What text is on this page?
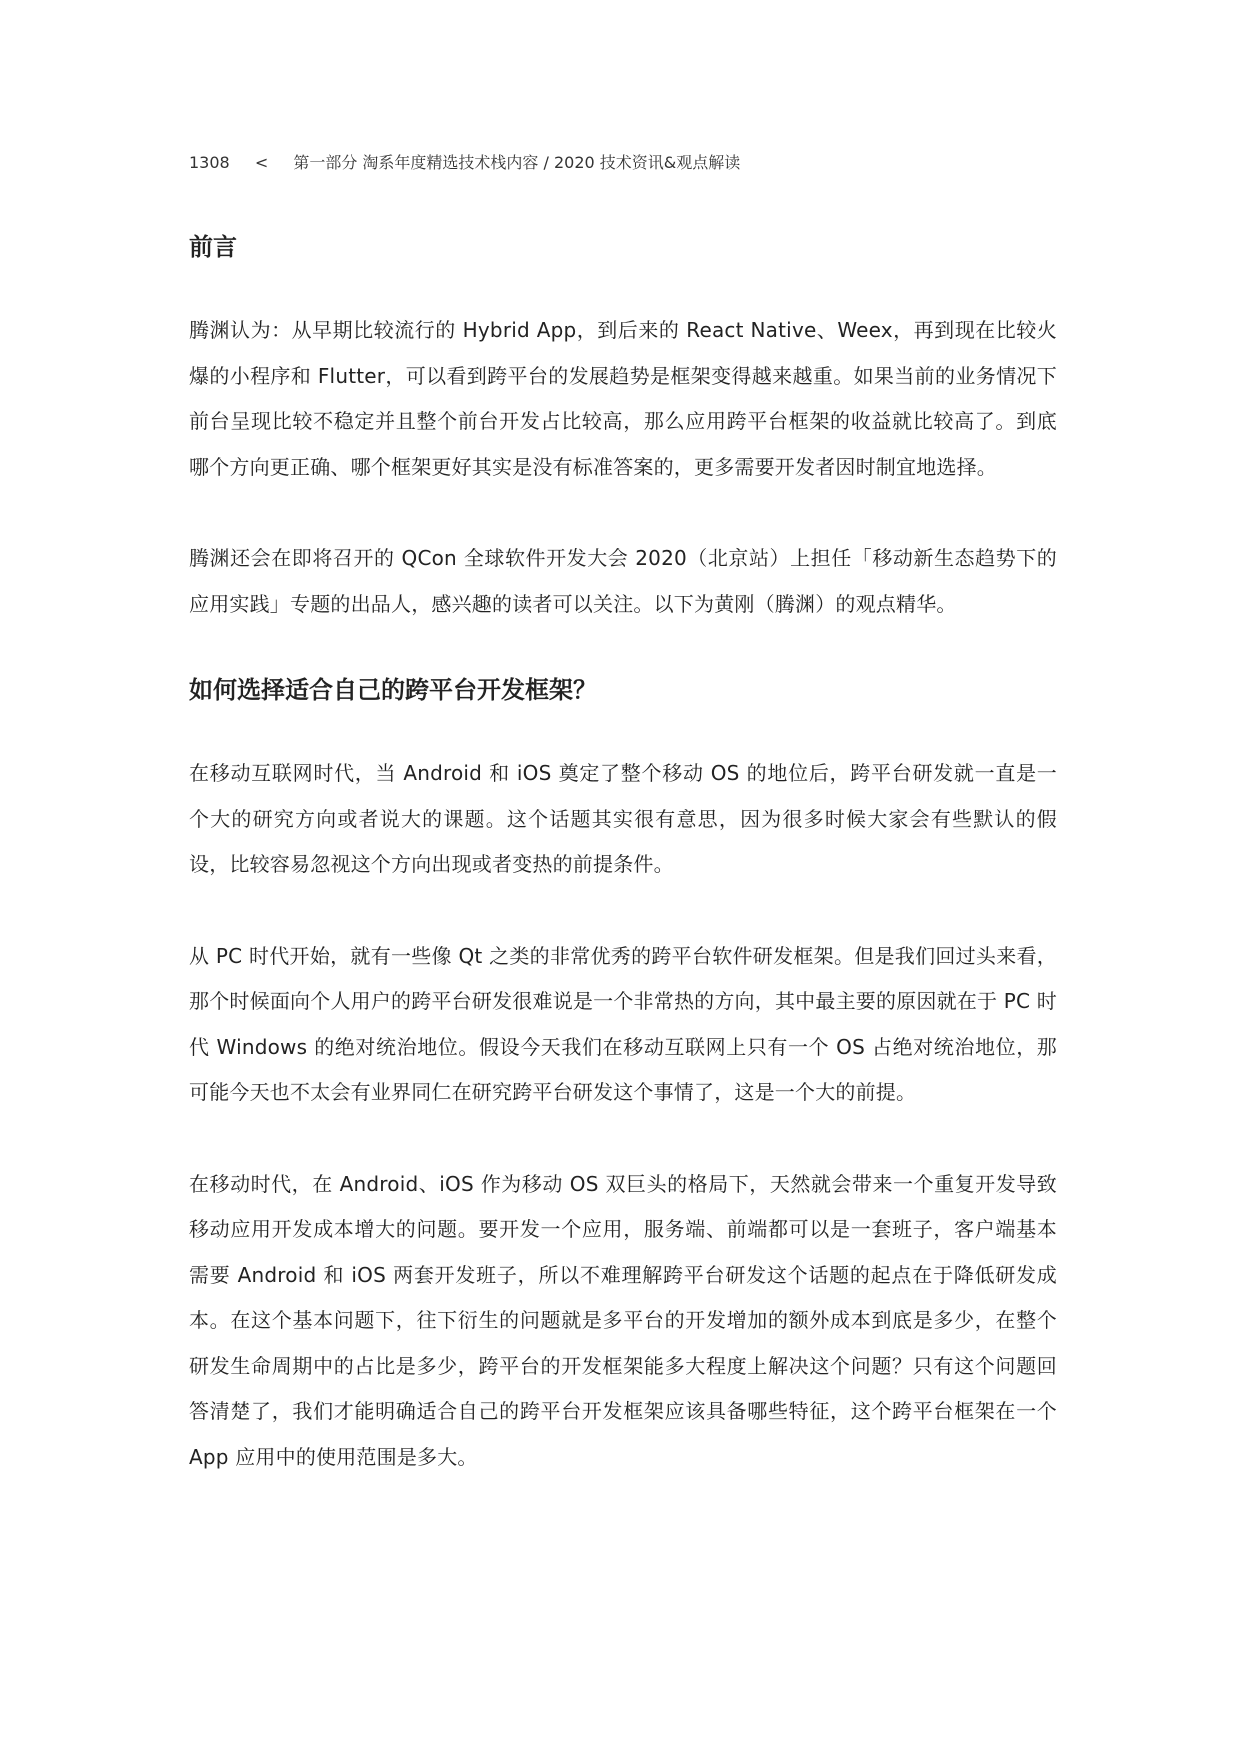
1308 < 第一部分 淘系年度精选技术栈内容 / 2020 技术资讯&观点解读
前言

腾渊认为：从早期比较流行的 Hybrid App，到后来的 React Native、Weex，再到现在比较火爆的小程序和 Flutter，可以看到跨平台的发展趋势是框架变得越来越重。如果当前的业务情况下前台呈现比较不稳定并且整个前台开发占比较高，那么应用跨平台框架的收益就比较高了。到底哪个方向更正确、哪个框架更好其实是没有标准答案的，更多需要开发者因时制宜地选择。

腾渊还会在即将召开的 QCon 全球软件开发大会 2020（北京站）上担任「移动新生态趋势下的应用实践」专题的出品人，感兴趣的读者可以关注。以下为黄刚（腾渊）的观点精华。

如何选择适合自己的跨平台开发框架？

在移动互联网时代，当 Android 和 iOS 奠定了整个移动 OS 的地位后，跨平台研发就一直是一个大的研究方向或者说大的课题。这个话题其实很有意思，因为很多时候大家会有些默认的假设，比较容易忽视这个方向出现或者变热的前提条件。

从 PC 时代开始，就有一些像 Qt 之类的非常优秀的跨平台软件研发框架。但是我们回过头来看，那个时候面向个人用户的跨平台研发很难说是一个非常热的方向，其中最主要的原因就在于 PC 时代 Windows 的绝对统治地位。假设今天我们在移动互联网上只有一个 OS 占绝对统治地位，那可能今天也不太会有业界同仁在研究跨平台研发这个事情了，这是一个大的前提。

在移动时代，在 Android、iOS 作为移动 OS 双巨头的格局下，天然就会带来一个重复开发导致移动应用开发成本增大的问题。要开发一个应用，服务端、前端都可以是一套班子，客户端基本需要 Android 和 iOS 两套开发班子，所以不难理解跨平台研发这个话题的起点在于降低研发成本。在这个基本问题下，往下衍生的问题就是多平台的开发增加的额外成本到底是多少，在整个研发生命周期中的占比是多少，跨平台的开发框架能多大程度上解决这个问题？只有这个问题回答清楚了，我们才能明确适合自己的跨平台开发框架应该具备哪些特征，这个跨平台框架在一个 App 应用中的使用范围是多大。
